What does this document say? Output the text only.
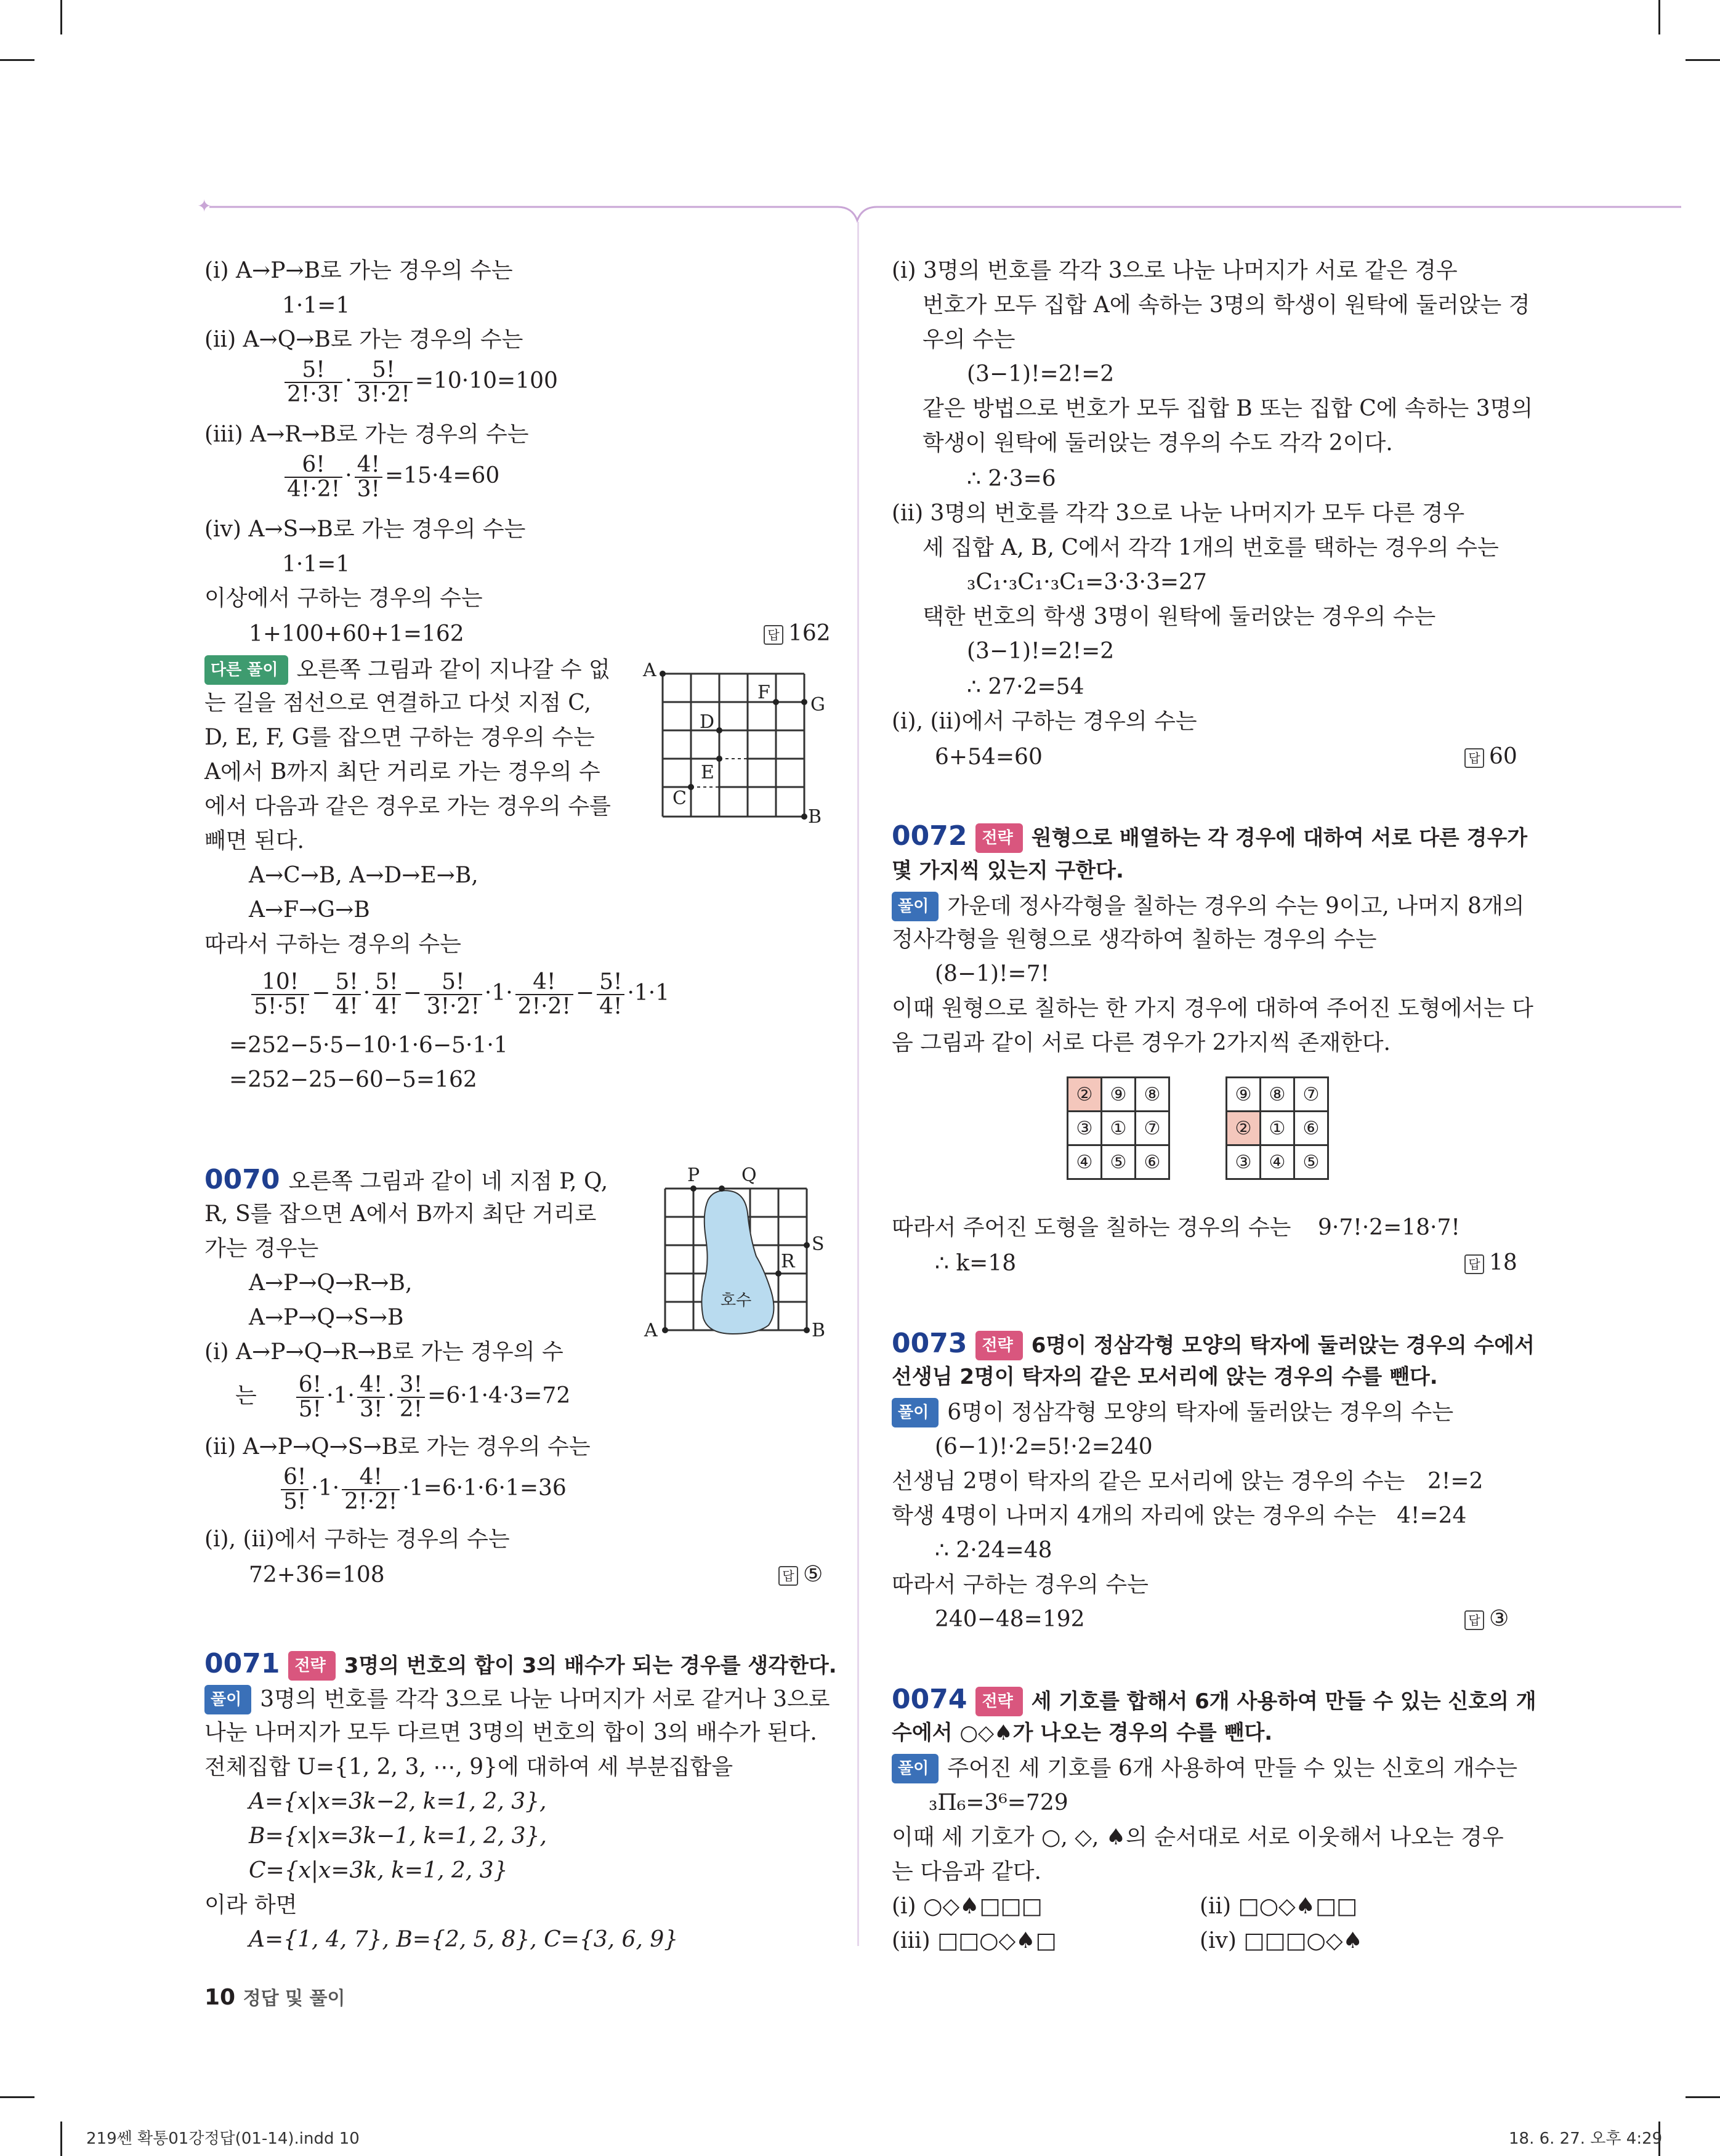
✦
(ⅰ) A→P→B로 가는 경우의 수는
1·1=1
(ⅱ) A→Q→B로 가는 경우의 수는
$\frac{5!}{2!\cdot 3!} \cdot \frac{5!}{3!\cdot 2!} =10\cdot 10=100$
(ⅲ) A→R→B로 가는 경우의 수는
$\frac{6!}{4!\cdot 2!} \cdot \frac{4!}{3!} =15\cdot 4=60$
(ⅳ) A→S→B로 가는 경우의 수는
1·1=1
이상에서 구하는 경우의 수는
1+100+60+1=162	답 162
다른 풀이 오른쪽 그림과 같이 지나갈 수 없
는 길을 점선으로 연결하고 다섯 지점 C,
D, E, F, G를 잡으면 구하는 경우의 수는
A에서 B까지 최단 거리로 가는 경우의 수
에서 다음과 같은 경우로 가는 경우의 수를
빼면 된다.
A
B
C
D
E
F
G
A→C→B, A→D→E→B,
A→F→G→B
따라서 구하는 경우의 수는
$\frac{10!}{5!\cdot 5!} - \frac{5!}{4!} \cdot \frac{5!}{4!} - \frac{5!}{3!\cdot 2!} \cdot 1\cdot \frac{4!}{2!\cdot 2!} - \frac{5!}{4!} \cdot 1\cdot 1$
=252−5·5−10·1·6−5·1·1
=252−25−60−5=162
0070 오른쪽 그림과 같이 네 지점 P, Q,
R, S를 잡으면 A에서 B까지 최단 거리로
가는 경우는
A→P→Q→R→B,
A→P→Q→S→B
P Q
R
S
A	B
호수
(ⅰ) A→P→Q→R→B로 가는 경우의 수
는 $\frac{6!}{5!} \cdot 1\cdot \frac{4!}{3!} \cdot \frac{3!}{2!} =6\cdot 1\cdot 4\cdot 3=72$
(ⅱ) A→P→Q→S→B로 가는 경우의 수는
$\frac{6!}{5!} \cdot 1\cdot \frac{4!}{2!\cdot 2!} \cdot 1=6\cdot 1\cdot 6\cdot 1=36$
(ⅰ), (ⅱ)에서 구하는 경우의 수는
72+36=108	답 ⑤
0071 전략 3명의 번호의 합이 3의 배수가 되는 경우를 생각한다.
풀이 3명의 번호를 각각 3으로 나눈 나머지가 서로 같거나 3으로
나눈 나머지가 모두 다르면 3명의 번호의 합이 3의 배수가 된다.
전체집합 U={1, 2, 3, ⋯, 9}에 대하여 세 부분집합을
A={x|x=3k−2, k=1, 2, 3},
B={x|x=3k−1, k=1, 2, 3},
C={x|x=3k, k=1, 2, 3}
이라 하면
A={1, 4, 7}, B={2, 5, 8}, C={3, 6, 9}
10 정답 및 풀이
(ⅰ) 3명의 번호를 각각 3으로 나눈 나머지가 서로 같은 경우
번호가 모두 집합 A에 속하는 3명의 학생이 원탁에 둘러앉는 경
우의 수는
(3−1)!=2!=2
같은 방법으로 번호가 모두 집합 B 또는 집합 C에 속하는 3명의
학생이 원탁에 둘러앉는 경우의 수도 각각 2이다.
∴ 2·3=6
(ⅱ) 3명의 번호를 각각 3으로 나눈 나머지가 모두 다른 경우
세 집합 A, B, C에서 각각 1개의 번호를 택하는 경우의 수는
₃C₁·₃C₁·₃C₁=3·3·3=27
택한 번호의 학생 3명이 원탁에 둘러앉는 경우의 수는
(3−1)!=2!=2
∴ 27·2=54
(ⅰ), (ⅱ)에서 구하는 경우의 수는
6+54=60	답 60
0072 전략 원형으로 배열하는 각 경우에 대하여 서로 다른 경우가
몇 가지씩 있는지 구한다.
풀이 가운데 정사각형을 칠하는 경우의 수는 9이고, 나머지 8개의
정사각형을 원형으로 생각하여 칠하는 경우의 수는
(8−1)!=7!
이때 원형으로 칠하는 한 가지 경우에 대하여 주어진 도형에서는 다
음 그림과 같이 서로 다른 경우가 2가지씩 존재한다.
②	⑨	⑧
③	①	⑦
④	⑤	⑥
⑨	⑧	⑦
②	①	⑥
③	④	⑤
따라서 주어진 도형을 칠하는 경우의 수는 9·7!·2=18·7!
∴ k=18	답 18
0073 전략 6명이 정삼각형 모양의 탁자에 둘러앉는 경우의 수에서
선생님 2명이 탁자의 같은 모서리에 앉는 경우의 수를 뺀다.
풀이 6명이 정삼각형 모양의 탁자에 둘러앉는 경우의 수는
(6−1)!·2=5!·2=240
선생님 2명이 탁자의 같은 모서리에 앉는 경우의 수는 2!=2
학생 4명이 나머지 4개의 자리에 앉는 경우의 수는 4!=24
∴ 2·24=48
따라서 구하는 경우의 수는
240−48=192	답 ③
0074 전략 세 기호를 합해서 6개 사용하여 만들 수 있는 신호의 개
수에서 ○◇♠가 나오는 경우의 수를 뺀다.
풀이 주어진 세 기호를 6개 사용하여 만들 수 있는 신호의 개수는
₃Π₆=3⁶=729
이때 세 기호가 ○, ◇, ♠의 순서대로 서로 이웃해서 나오는 경우
는 다음과 같다.
(ⅰ) ○◇♠□□□	(ⅱ) □○◇♠□□
(ⅲ) □□○◇♠□	(ⅳ) □□□○◇♠
219쎈 확통01강정답(01-14).indd 10	18. 6. 27. 오후 4:29
